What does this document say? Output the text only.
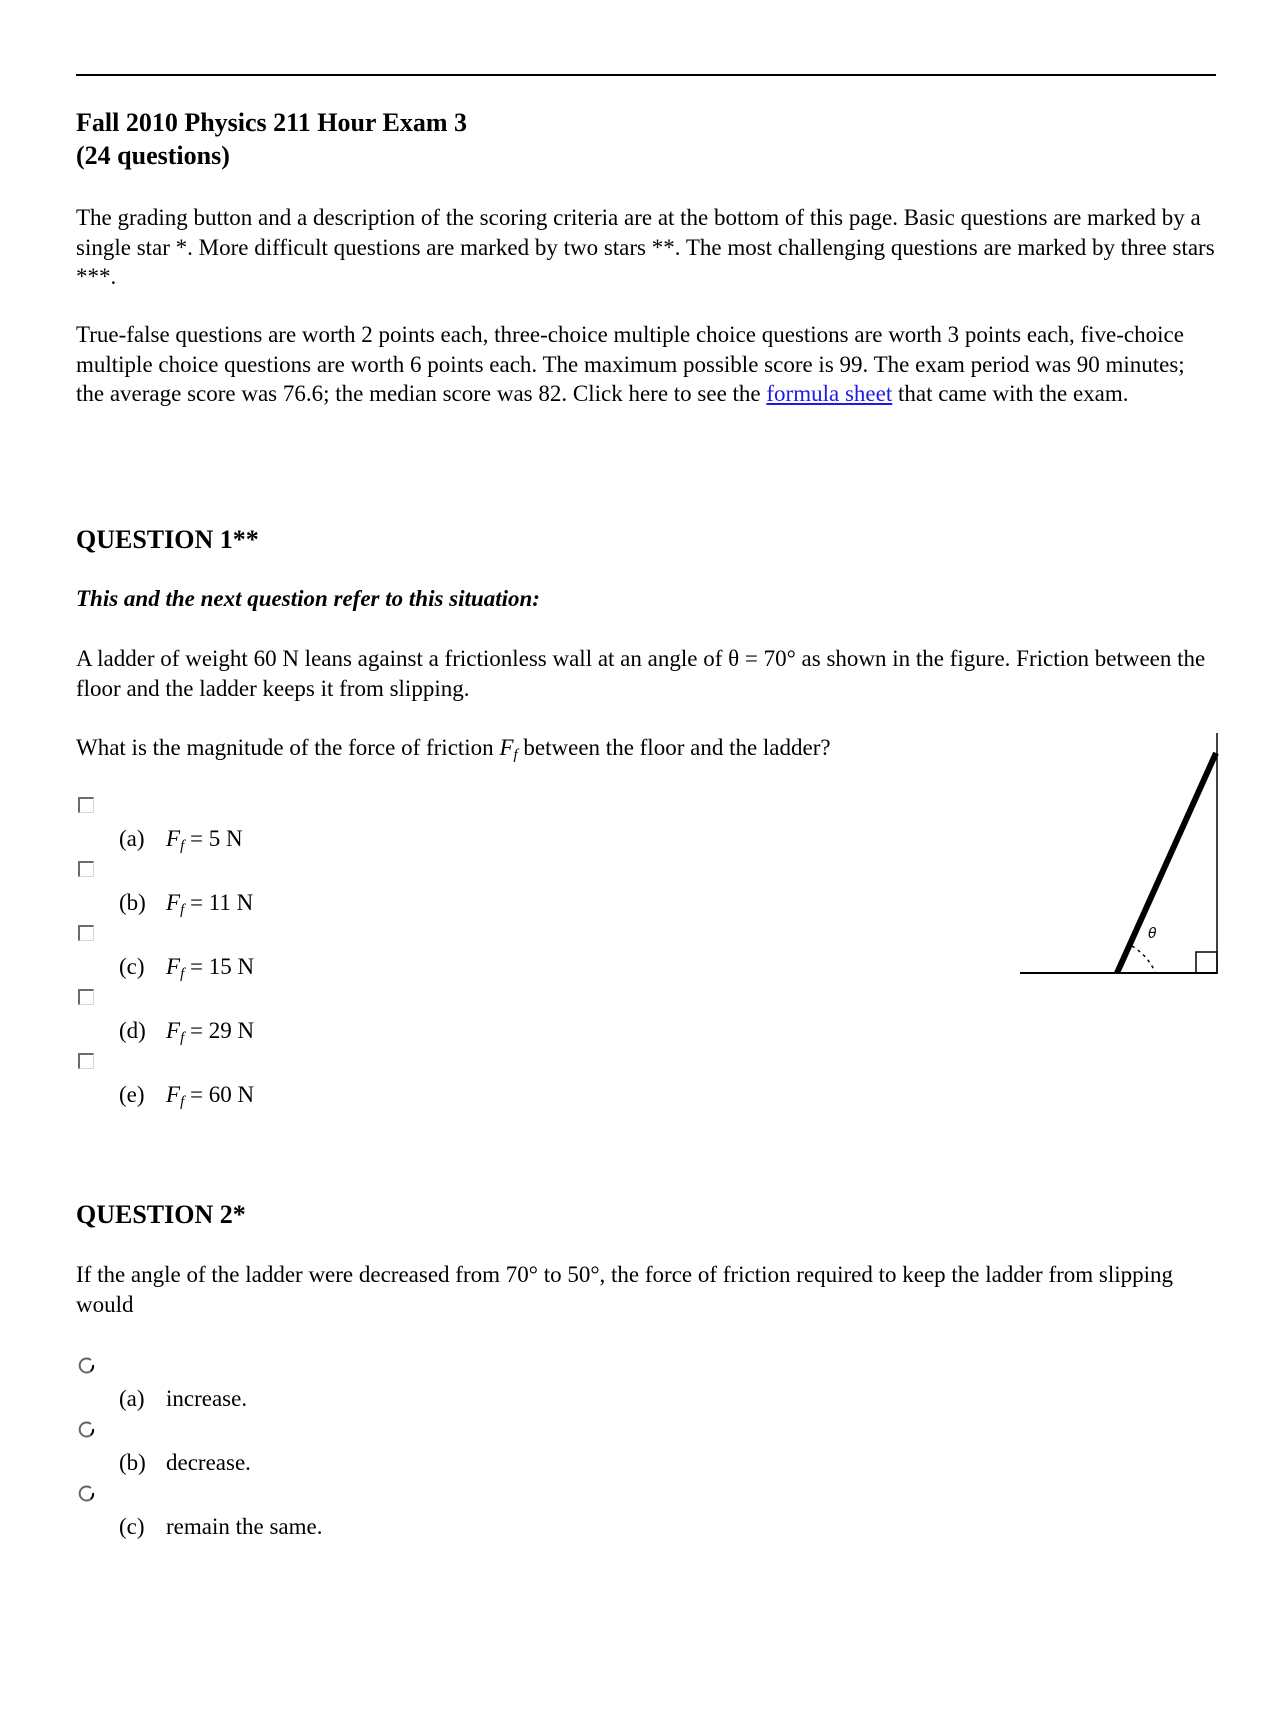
Fall 2010 Physics 211 Hour Exam 3
(24 questions)
The grading button and a description of the scoring criteria are at the bottom of this page. Basic questions are marked by a single star *. More difficult questions are marked by two stars **. The most challenging questions are marked by three stars ***.
True-false questions are worth 2 points each, three-choice multiple choice questions are worth 3 points each, five-choice multiple choice questions are worth 6 points each. The maximum possible score is 99. The exam period was 90 minutes; the average score was 76.6; the median score was 82. Click here to see the formula sheet that came with the exam.
QUESTION 1**
This and the next question refer to this situation:
A ladder of weight 60 N leans against a frictionless wall at an angle of θ = 70° as shown in the figure. Friction between the floor and the ladder keeps it from slipping.
What is the magnitude of the force of friction $F_f$ between the floor and the ladder?
(a) $F_f = 5$ N
(b) $F_f = 11$ N
(c) $F_f = 15$ N
(d) $F_f = 29$ N
(e) $F_f = 60$ N
θ
QUESTION 2*
If the angle of the ladder were decreased from 70° to 50°, the force of friction required to keep the ladder from slipping would
(a) increase.
(b) decrease.
(c) remain the same.
